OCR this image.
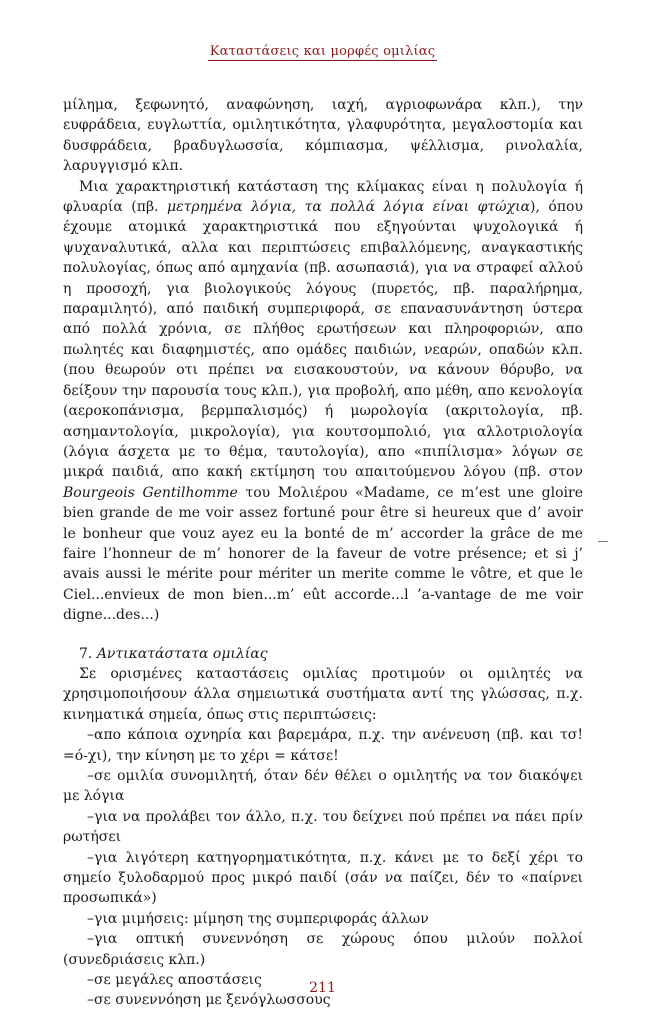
Καταστάσεις και μορφές ομιλίας

μίλημα, ξεφωνητό, αναφώνηση, ιαχή, αγριοφωνάρα κλπ.), την ευφράδεια, ευγλωττία, ομιλητικότητα, γλαφυρότητα, μεγαλοστομία και δυσφράδεια, βραδυγλωσσία, κόμπιασμα, ψέλλισμα, ρινολαλία, λαρυγγισμό κλπ.

Μια χαρακτηριστική κατάσταση της κλίμακας είναι η πολυλογία ή φλυαρία (πβ. μετρημένα λόγια, τα πολλά λόγια είναι φτώχια), όπου έχουμε ατομικά χαρακτηριστικά που εξηγούνται ψυχολογικά ή ψυχαναλυτικά, αλλα και περιπτώσεις επιβαλλόμενης, αναγκαστικής πολυλογίας, όπως από αμηχανία (πβ. ασωπασιά), για να στραφεί αλλού η προσοχή, για βιολογικούς λόγους (πυρετός, πβ. παραλήρημα, παραμιλητό), από παιδική συμπεριφορά, σε επανασυνάντηση ύστερα από πολλά χρόνια, σε πλήθος ερωτήσεων και πληροφοριών, απο πωλητές και διαφημιστές, απο ομάδες παιδιών, νεαρών, οπαδών κλπ. (που θεωρούν οτι πρέπει να εισακουστούν, να κάνουν θόρυβο, να δείξουν την παρουσία τους κλπ.), για προβολή, απο μέθη, απο κενολογία (αεροκοπάνισμα, βερμπαλισμός) ή μωρολογία (ακριτολογία, πβ. ασημαντολογία, μικρολογία), για κουτσομπολιό, για αλλοτριολογία (λόγια άσχετα με το θέμα, ταυτολογία), απο «πιπίλισμα» λόγων σε μικρά παιδιά, απο κακή εκτίμηση του απαιτούμενου λόγου (πβ. στον Bourgeois Gentilhomme του Μολιέρου «Madame, ce m’est une gloire bien grande de me voir assez fortuné pour être si heureux que d’ avoir le bonheur que vouz ayez eu la bonté de m’ accorder la grâce de me faire l’honneur de m’ honorer de la faveur de votre présence; et si j’ avais aussi le mérite pour mériter un merite comme le vôtre, et que le Ciel...envieux de mon bien...m’ eût accorde...l ’a-vantage de me voir digne...des...)

7. Αντικατάστατα ομιλίας

Σε ορισμένες καταστάσεις ομιλίας προτιμούν οι ομιλητές να χρησιμοποιήσουν άλλα σημειωτικά συστήματα αντί της γλώσσας, π.χ. κινηματικά σημεία, όπως στις περιπτώσεις:

–απο κάποια οχνηρία και βαρεμάρα, π.χ. την ανένευση (πβ. και τσ! =ό-χι), την κίνηση με το χέρι = κάτσε!

–σε ομιλία συνομιλητή, όταν δέν θέλει ο ομιλητής να τον διακόψει με λόγια

–για να προλάβει τον άλλο, π.χ. του δείχνει πού πρέπει να πάει πρίν ρωτήσει

–για λιγότερη κατηγορηματικότητα, π.χ. κάνει με το δεξί χέρι το σημείο ξυλοδαρμού προς μικρό παιδί (σάν να παίζει, δέν το «παίρνει προσωπικά»)

–για μιμήσεις: μίμηση της συμπεριφοράς άλλων

–για οπτική συνεννόηση σε χώρους όπου μιλούν πολλοί (συνεδριάσεις κλπ.)

–σε μεγάλες αποστάσεις

–σε συνεννόηση με ξενόγλωσσους

211
